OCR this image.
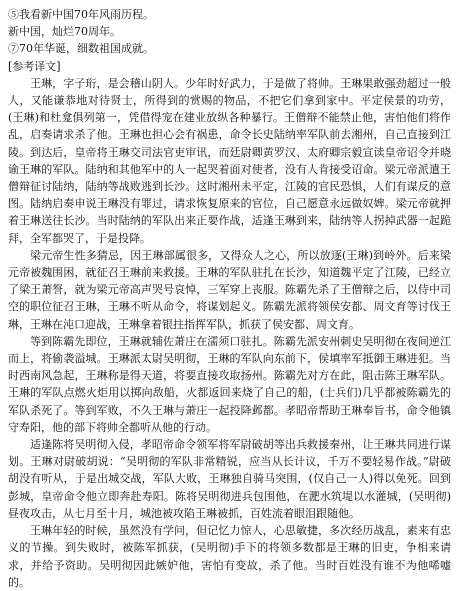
⑤我看新中国70年风雨历程。

新中国，灿烂70周年。

⑦70年华诞，细数祖国成就。

[参考译文]

王琳，字子珩，是会稽山阴人。少年时好武力，于是做了将帅。王琳果敢强劲超过一般人，又能谦恭地对待贤士，所得到的赏赐的物品，不把它们拿到家中。平定侯景的功劳，(王琳)和杜龛俱列第一，凭借得宠在建业放纵各种暴行。王僧辩不能禁止他，害怕他们将作乱，启奏请求杀了他。王琳也担心会有祸患，命令长史陆纳率军队前去湘州，自己直接到江陵。到达后，皇帝将王琳交司法官吏审讯，而廷尉卿黄罗汉、太府卿宗毅宣读皇帝诏令并晓谕王琳的军队。陆纳和其他军中的人一起哭着面对使者，没有人肯接受诏命。梁元帝派遣王僧辩征讨陆纳，陆纳等战败逃到长沙。这时湘州未平定，江陵的官民恐惧，人们有谋反的意图。陆纳启奏申说王琳没有罪过，请求恢复原来的官位，自己愿意永远做奴婢。梁元帝就押着王琳送往长沙。当时陆纳的军队出来正要作战，适逢王琳到来，陆纳等人拐掉武器一起跪拜，全军都哭了，于是投降。

梁元帝生性多猜忌，因王琳部属很多，又得众人之心，所以放逐(王琳)到岭外。后来梁元帝被魏围困，就征召王琳前来救援。王琳的军队驻扎在长沙，知道魏平定了江陵，已经立了梁王萧詧，就为梁元帝高声哭号哀悼，三军穿上丧服。陈霸先杀了王僧辩之后，以侍中司空的职位征召王琳，王琳不听从命令，将谋划起义。陈霸先派将领侯安都、周文育等讨伐王琳，王琳在沌口迎战，王琳拿着银拄指挥军队，抓获了侯安都、周文育。

等到陈霸先即位，王琳就辅佐萧庄在濡须口驻扎。陈霸先派安州刺史吴明彻在夜间逆江而上，将偷袭溢城。王琳派太尉吴明彻，王琳的军队向东前下，侯填率军抵御王琳进犯。当时西南风急起，王琳称是得天道，将要直接攻取扬州。陈霸先对方在此，阻击陈王琳军队。王琳的军队点燃火炬用以掷向敌船，火都返回来烧了自己的船，(士兵们)几乎都被陈霸先的军队杀死了。等到军败，不久王琳与萧庄一起投降邺都。孝昭帝帮助王琳奉旨书，命令他镇守寿阳，他的部下将帅全都听从他的行动。

适逢陈将吴明彻入侵，孝昭帝命令领军将军尉破胡等出兵救援秦州，让王琳共同进行谋划。王琳对尉破胡说：“吴明彻的军队非常精锐，应当从长计议，千万不要轻易作战。”尉破胡没有听从，于是出城交战，军队大败，王琳独自骑马突围，(仅自己一人)得以免死。回到彭城，皇帝命令他立即奔赴寿阳。陈将吴明彻进兵包围他，在淝水筑堤以水灌城，(吴明彻)昼夜攻击，从七月至十月，城池被攻陷王琳被抓，百姓流着眼泪跟随他。

王琳年轻的时候，虽然没有学问，但记忆力惊人，心思敏捷，多次经历战乱，素来有忠义的节操。到失败时，被陈军抓获，(吴明彻)手下的将领多数都是王琳的旧吏，争相来请求，并给予资助。吴明彻因此嫉妒他，害怕有变故，杀了他。当时百姓没有谁不为他唏嘘的。
